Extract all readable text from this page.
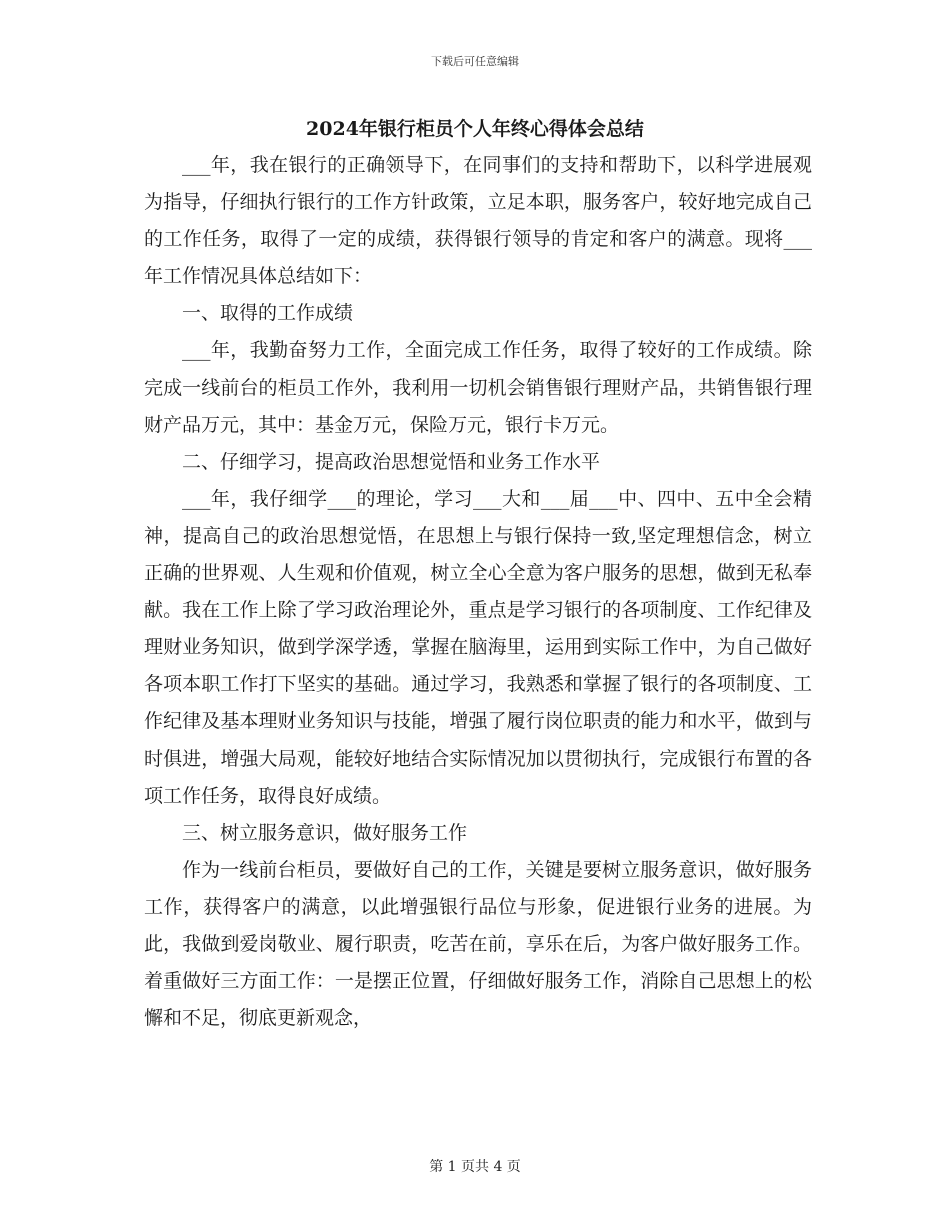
下载后可任意编辑
2024年银行柜员个人年终心得体会总结

___年，我在银行的正确领导下，在同事们的支持和帮助下，以科学进展观为指导，仔细执行银行的工作方针政策，立足本职，服务客户，较好地完成自己的工作任务，取得了一定的成绩，获得银行领导的肯定和客户的满意。现将___年工作情况具体总结如下：

一、取得的工作成绩

___年，我勤奋努力工作，全面完成工作任务，取得了较好的工作成绩。除完成一线前台的柜员工作外，我利用一切机会销售银行理财产品，共销售银行理财产品万元，其中：基金万元，保险万元，银行卡万元。

二、仔细学习，提高政治思想觉悟和业务工作水平

___年，我仔细学___的理论，学习___大和___届___中、四中、五中全会精神，提高自己的政治思想觉悟，在思想上与银行保持一致,坚定理想信念，树立正确的世界观、人生观和价值观，树立全心全意为客户服务的思想，做到无私奉献。我在工作上除了学习政治理论外，重点是学习银行的各项制度、工作纪律及理财业务知识，做到学深学透，掌握在脑海里，运用到实际工作中，为自己做好各项本职工作打下坚实的基础。通过学习，我熟悉和掌握了银行的各项制度、工作纪律及基本理财业务知识与技能，增强了履行岗位职责的能力和水平，做到与时俱进，增强大局观，能较好地结合实际情况加以贯彻执行，完成银行布置的各项工作任务，取得良好成绩。

三、树立服务意识，做好服务工作

作为一线前台柜员，要做好自己的工作，关键是要树立服务意识，做好服务工作，获得客户的满意，以此增强银行品位与形象，促进银行业务的进展。为此，我做到爱岗敬业、履行职责，吃苦在前，享乐在后，为客户做好服务工作。着重做好三方面工作：一是摆正位置，仔细做好服务工作，消除自己思想上的松懈和不足，彻底更新观念，

第 1 页共 4 页
